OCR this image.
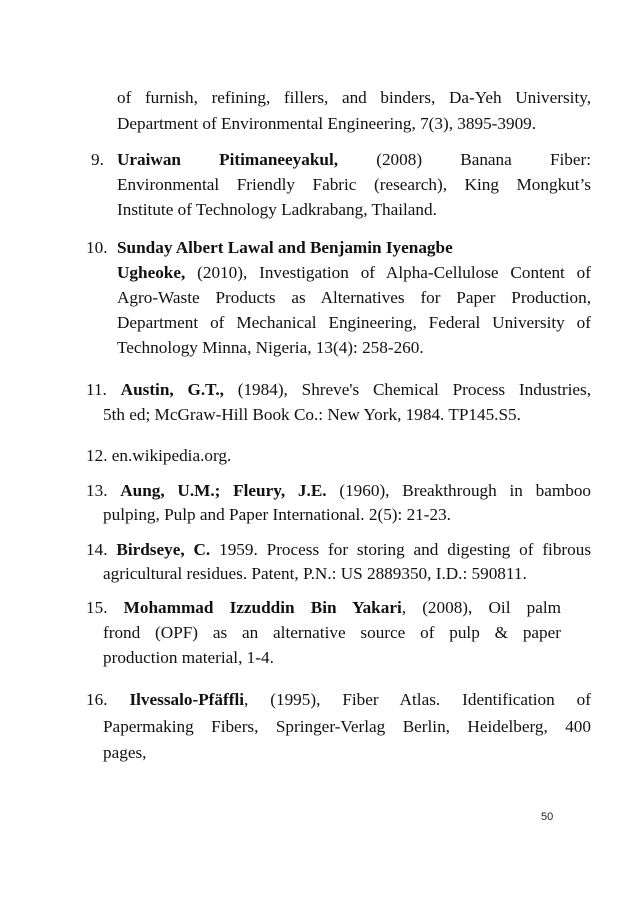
of furnish, refining, fillers, and binders, Da-Yeh University,
Department of Environmental Engineering, 7(3), 3895-3909.
9. Uraiwan Pitimaneeyakul, (2008) Banana Fiber:
Environmental Friendly Fabric (research), King Mongkut’s
Institute of Technology Ladkrabang, Thailand.
10. Sunday Albert Lawal and Benjamin Iyenagbe
Ugheoke, (2010), Investigation of Alpha-Cellulose Content of
Agro-Waste Products as Alternatives for Paper Production,
Department of Mechanical Engineering, Federal University of
Technology Minna, Nigeria, 13(4): 258-260.
11. Austin, G.T., (1984), Shreve's Chemical Process Industries,
5th ed; McGraw-Hill Book Co.: New York, 1984. TP145.S5.
12. en.wikipedia.org.
13. Aung, U.M.; Fleury, J.E. (1960), Breakthrough in bamboo
pulping, Pulp and Paper International. 2(5): 21-23.
14. Birdseye, C. 1959. Process for storing and digesting of fibrous
agricultural residues. Patent, P.N.: US 2889350, I.D.: 590811.
15. Mohammad Izzuddin Bin Yakari, (2008), Oil palm
frond (OPF) as an alternative source of pulp & paper
production material, 1-4.
16. Ilvessalo-Pfäffli, (1995), Fiber Atlas. Identification of
Papermaking Fibers, Springer-Verlag Berlin, Heidelberg, 400
pages,
50
